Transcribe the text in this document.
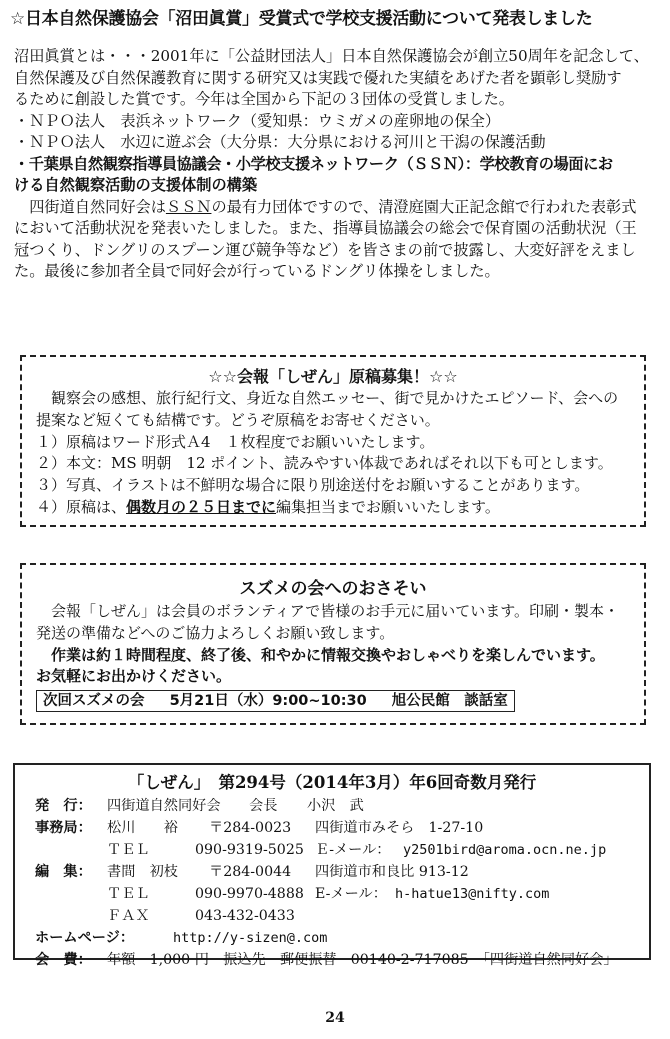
☆日本自然保護協会「沼田眞賞」受賞式で学校支援活動について発表しました

沼田眞賞とは・・・2001年に「公益財団法人」日本自然保護協会が創立50周年を記念して、

自然保護及び自然保護教育に関する研究又は実践で優れた実績をあげた者を顕彰し奨励す

るために創設した賞です。今年は全国から下記の３団体の受賞しました。

・ＮＰＯ法人　表浜ネットワーク（愛知県：ウミガメの産卵地の保全）

・ＮＰＯ法人　水辺に遊ぶ会（大分県：大分県における河川と干潟の保護活動

・千葉県自然観察指導員協議会・小学校支援ネットワーク（ＳＳＮ）：学校教育の場面にお

ける自然観察活動の支援体制の構築

四街道自然同好会はＳＳＮの最有力団体ですので、清澄庭園大正記念館で行われた表彰式

において活動状況を発表いたしました。また、指導員協議会の総会で保育園の活動状況（王

冠つくり、ドングリのスプーン運び競争等など）を皆さまの前で披露し、大変好評をえまし

た。最後に参加者全員で同好会が行っているドングリ体操をしました。

☆☆会報「しぜん」原稿募集！☆☆

観察会の感想、旅行紀行文、身近な自然エッセー、街で見かけたエピソード、会への

提案など短くても結構です。どうぞ原稿をお寄せください。

１）原稿はワード形式Ａ4　１枚程度でお願いいたします。

２）本文：MS 明朝　12 ポイント、読みやすい体裁であればそれ以下も可とします。

３）写真、イラストは不鮮明な場合に限り別途送付をお願いすることがあります。

４）原稿は、偶数月の２５日までに編集担当までお願いいたします。

スズメの会へのおさそい

会報「しぜん」は会員のボランティアで皆様のお手元に届いています。印刷・製本・

発送の準備などへのご協力よろしくお願い致します。

作業は約１時間程度、終了後、和やかに情報交換やおしゃべりを楽しんでいます。

お気軽にお出かけください。

次回スズメの会 5月21日（水）9:00~10:30 旭公民館　談話室
「しぜん」　第294号（2014年3月）年6回奇数月発行
発　行： 四街道自然同好会 会長 小沢　武
事務局： 松川　　裕 〒284-0023 四街道市みそら　1-27-10
ＴＥＬ	090-9319-5025 Ｅ-メール： y2501bird@aroma.ocn.ne.jp
編　集： 書間　初枝 〒284-0044 四街道市和良比 913-12
ＴＥＬ	090-9970-4888 E-メール： h-hatue13@nifty.com
ＦＡＸ	043-432-0433
ホームページ：	http://y-sizen@.com
会　費： 年額　1,000 円　振込先　郵便振替　00140-2-717085　「四街道自然同好会」
24
